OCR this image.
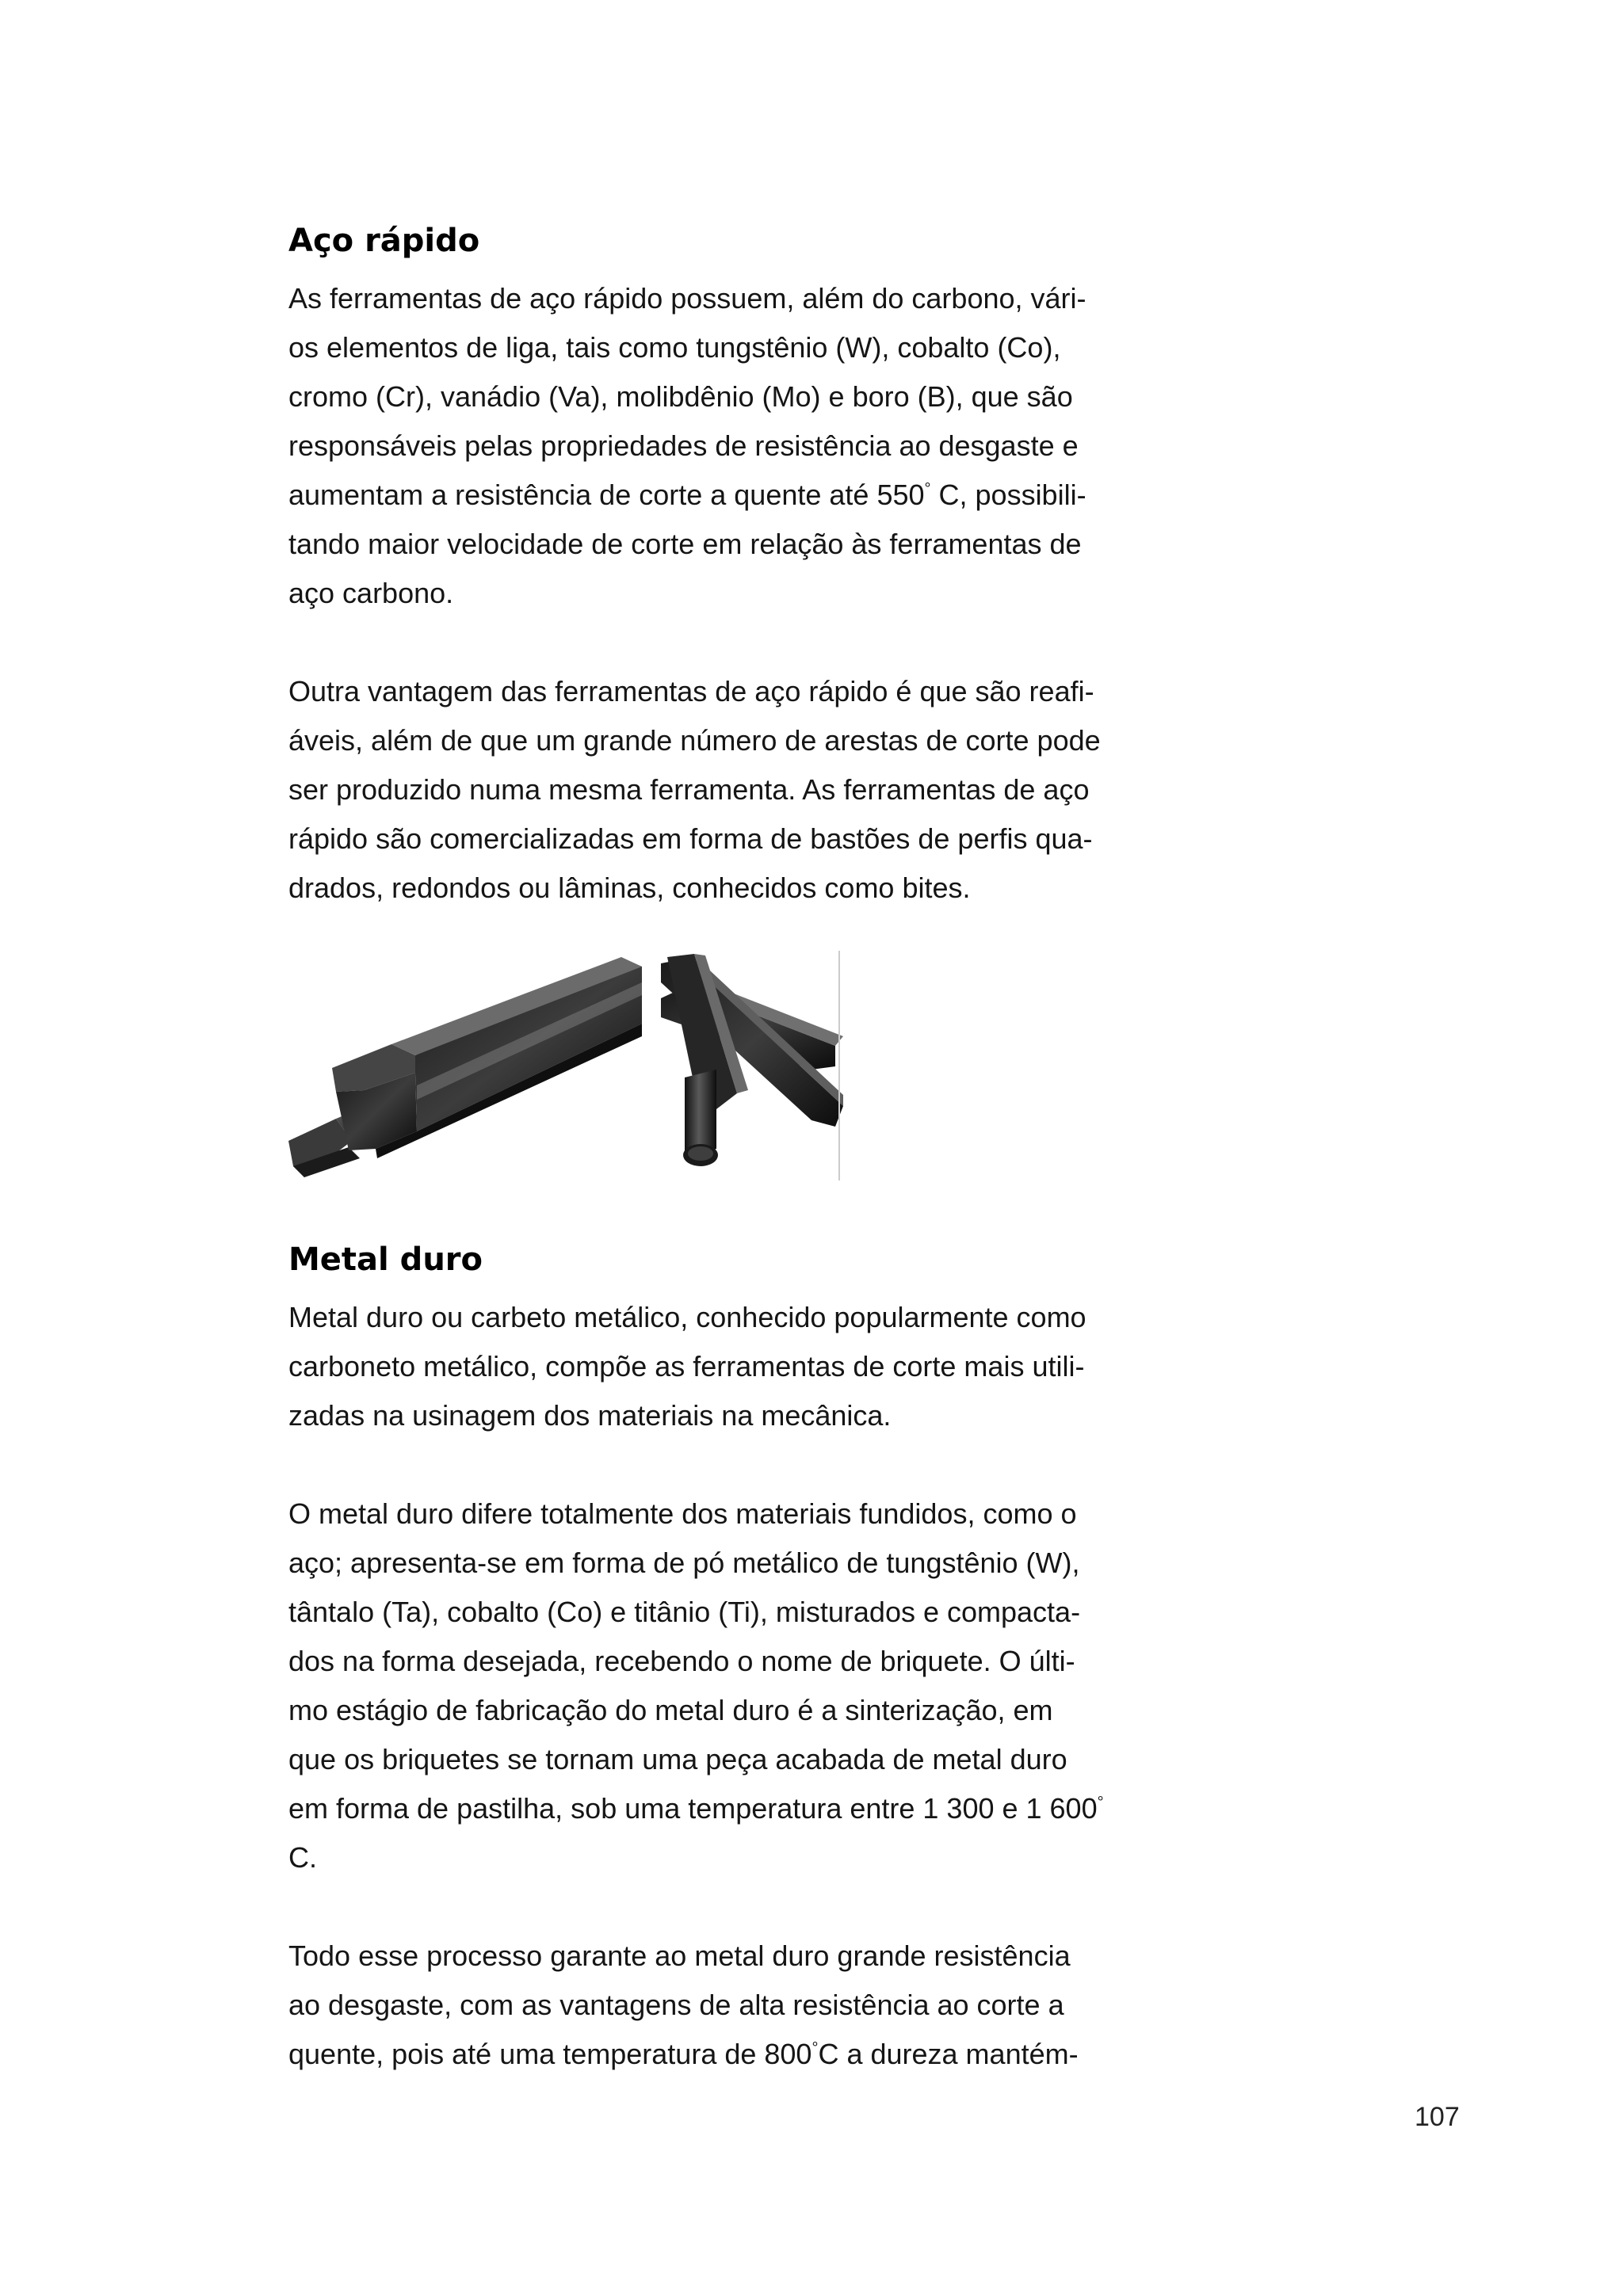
Aço rápido

As ferramentas de aço rápido possuem, além do carbono, vári-
os elementos de liga, tais como tungstênio (W), cobalto (Co),
cromo (Cr), vanádio (Va), molibdênio (Mo) e boro (B), que são
responsáveis pelas propriedades de resistência ao desgaste e
aumentam a resistência de corte a quente até 550° C, possibili-
tando maior velocidade de corte em relação às ferramentas de
aço carbono.

Outra vantagem das ferramentas de aço rápido é que são reafi-
áveis, além de que um grande número de arestas de corte pode
ser produzido numa mesma ferramenta. As ferramentas de aço
rápido são comercializadas em forma de bastões de perfis qua-
drados, redondos ou lâminas, conhecidos como bites.

Metal duro

Metal duro ou carbeto metálico, conhecido popularmente como
carboneto metálico, compõe as ferramentas de corte mais utili-
zadas na usinagem dos materiais na mecânica.

O metal duro difere totalmente dos materiais fundidos, como o
aço; apresenta-se em forma de pó metálico de tungstênio (W),
tântalo (Ta), cobalto (Co) e titânio (Ti), misturados e compacta-
dos na forma desejada, recebendo o nome de briquete. O últi-
mo estágio de fabricação do metal duro é a sinterização, em
que os briquetes se tornam uma peça acabada de metal duro
em forma de pastilha, sob uma temperatura entre 1 300 e 1 600°
C.

Todo esse processo garante ao metal duro grande resistência
ao desgaste, com as vantagens de alta resistência ao corte a
quente, pois até uma temperatura de 800°C a dureza mantém-

107
